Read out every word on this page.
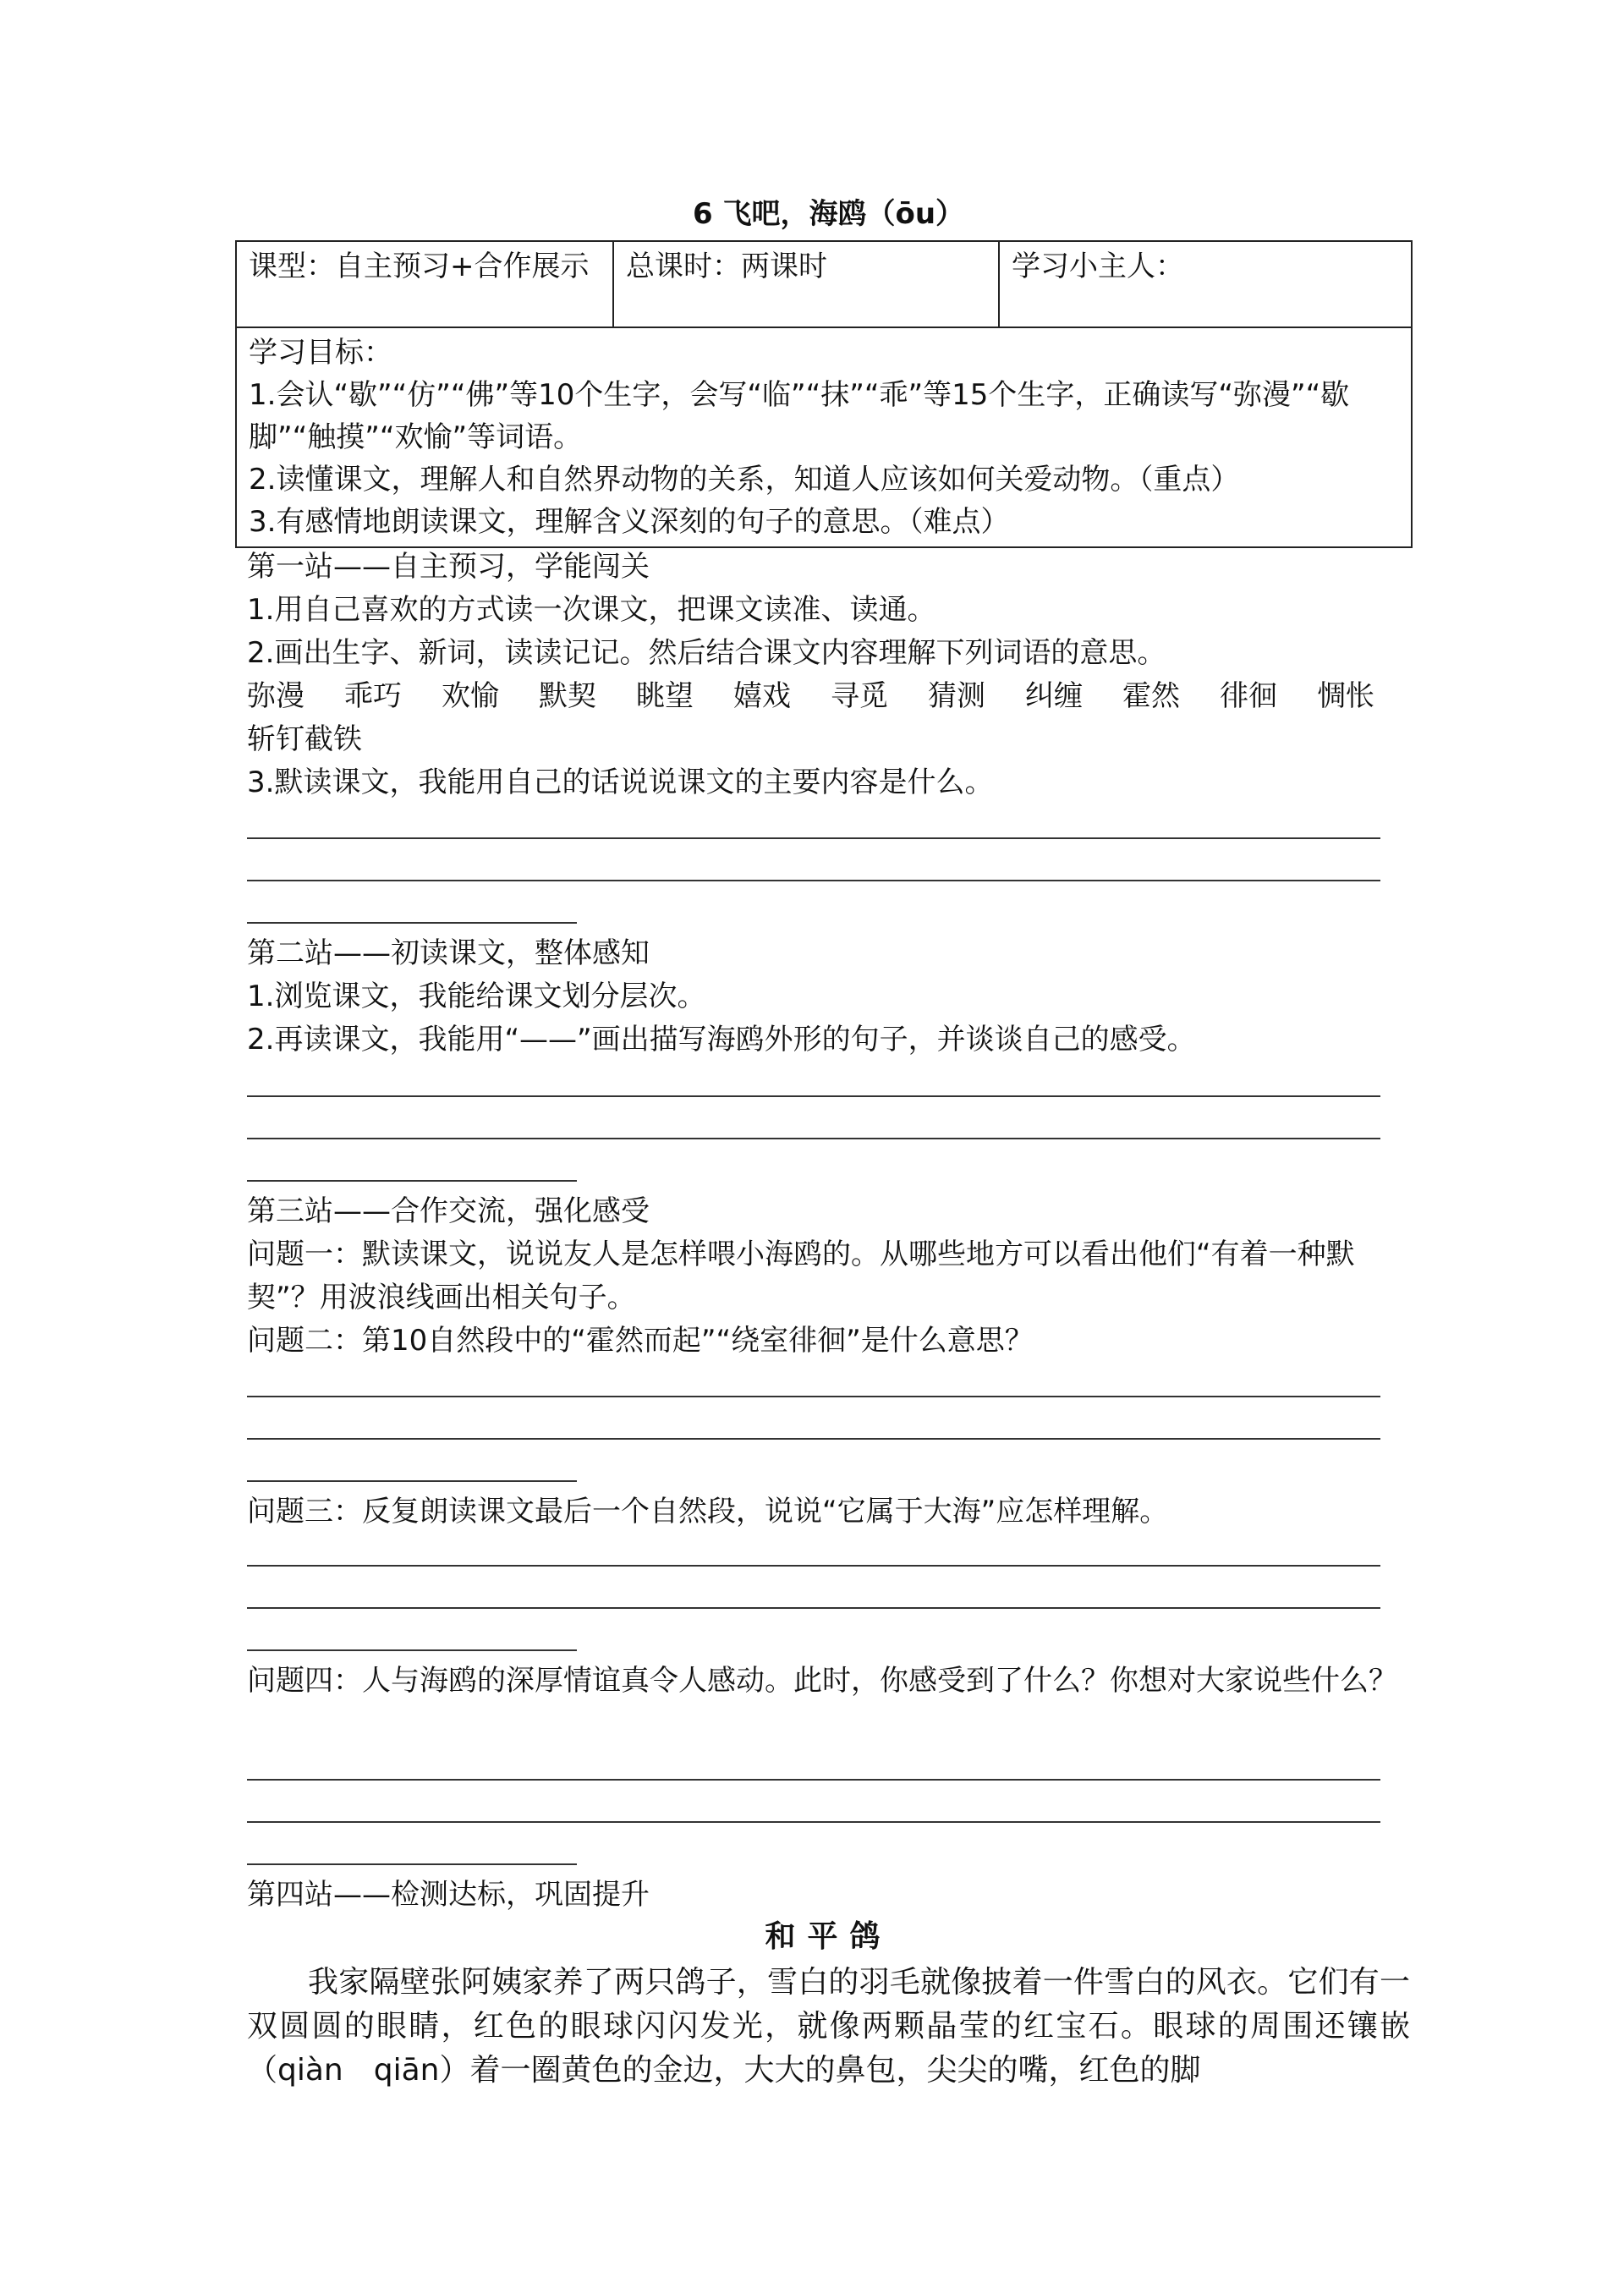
6 飞吧，海鸥（ōu）
课型：自主预习+合作展示	总课时：两课时	学习小主人：

学习目标：

1.会认“歇”“仿”“佛”等10个生字，会写“临”“抹”“乖”等15个生字，正确读写“弥漫”“歇脚”“触摸”“欢愉”等词语。

2.读懂课文，理解人和自然界动物的关系，知道人应该如何关爱动物。（重点）

3.有感情地朗读课文，理解含义深刻的句子的意思。（难点）

第一站——自主预习，学能闯关

1.用自己喜欢的方式读一次课文，把课文读准、读通。

2.画出生字、新词，读读记记。然后结合课文内容理解下列词语的意思。

弥漫 乖巧 欢愉 默契 眺望 嬉戏 寻觅 猜测 纠缠 霍然 徘徊 惆怅
斩钉截铁

3.默读课文，我能用自己的话说说课文的主要内容是什么。

第二站——初读课文，整体感知

1.浏览课文，我能给课文划分层次。

2.再读课文，我能用“——”画出描写海鸥外形的句子，并谈谈自己的感受。

第三站——合作交流，强化感受

问题一：默读课文，说说友人是怎样喂小海鸥的。从哪些地方可以看出他们“有着一种默契”？用波浪线画出相关句子。

问题二：第10自然段中的“霍然而起”“绕室徘徊”是什么意思？

问题三：反复朗读课文最后一个自然段，说说“它属于大海”应怎样理解。

问题四：人与海鸥的深厚情谊真令人感动。此时，你感受到了什么？你想对大家说些什么？

第四站——检测达标，巩固提升

和平鸽

我家隔壁张阿姨家养了两只鸽子，雪白的羽毛就像披着一件雪白的风衣。它们有一双圆圆的眼睛，红色的眼球闪闪发光，就像两颗晶莹的红宝石。眼球的周围还镶嵌（qiàn　qiān）着一圈黄色的金边，大大的鼻包，尖尖的嘴，红色的脚
